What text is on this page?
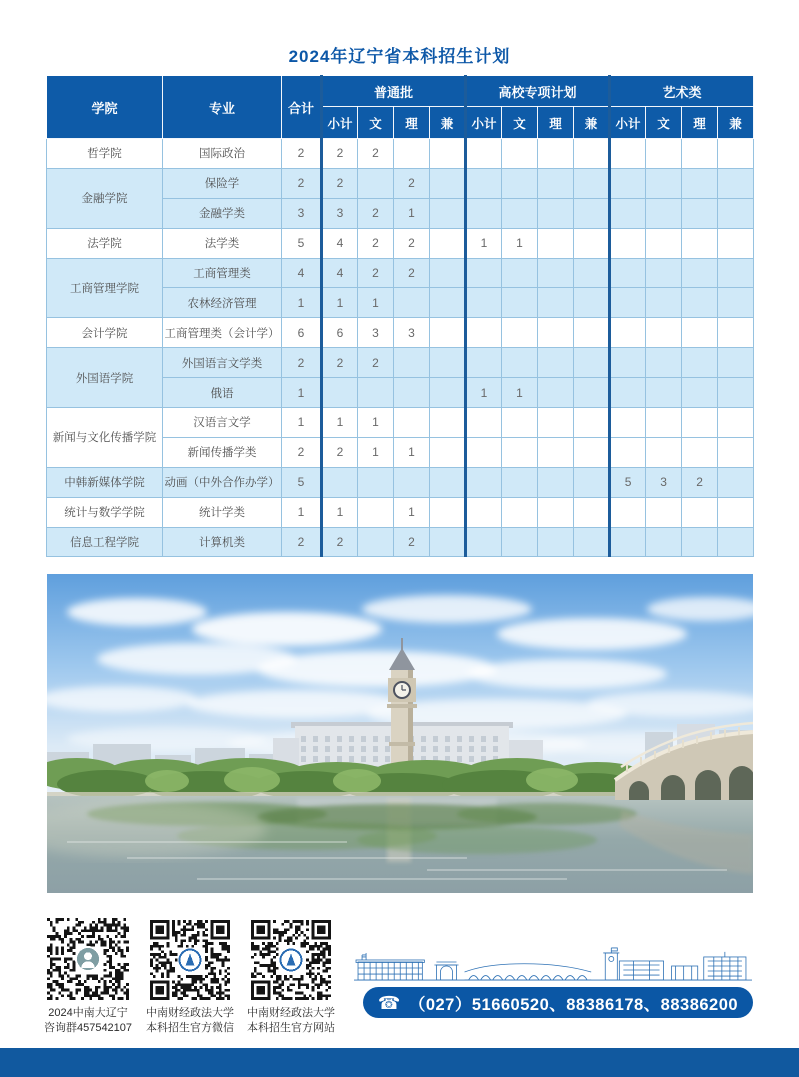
2024年辽宁省本科招生计划
学院	专业	合计	普通批				高校专项计划				艺术类			
			小计	文	理	兼	小计	文	理	兼	小计	文	理	兼
哲学院	国际政治	2	2	2										
金融学院	保险学	2	2		2									
	金融学类	3	3	2	1									
法学院	法学类	5	4	2	2		1	1						
工商管理学院	工商管理类	4	4	2	2									
	农林经济管理	1	1	1										
会计学院	工商管理类（会计学）	6	6	3	3									
外国语学院	外国语言文学类	2	2	2										
	俄语	1					1	1						
新闻与文化传播学院	汉语言文学	1	1	1										
	新闻传播学类	2	2	1	1									
中韩新媒体学院	动画（中外合作办学）	5									5	3	2	
统计与数学学院	统计学类	1	1		1									
信息工程学院	计算机类	2	2		2									
2024中南大辽宁
咨询群457542107
中南财经政法大学
本科招生官方微信
中南财经政法大学
本科招生官方网站
☎ （027）51660520、88386178、88386200
